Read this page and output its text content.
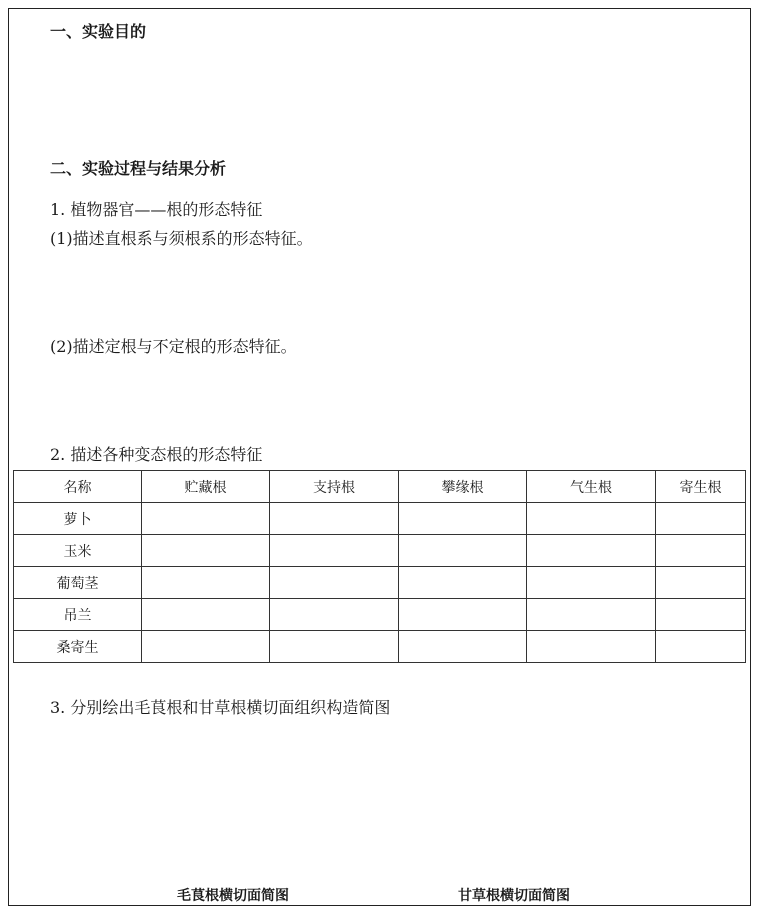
一、实验目的
二、实验过程与结果分析
1. 植物器官——根的形态特征
(1)描述直根系与须根系的形态特征。
(2)描述定根与不定根的形态特征。
2. 描述各种变态根的形态特征
名称	贮藏根	支持根	攀缘根	气生根	寄生根
萝卜					
玉米					
葡萄茎					
吊兰					
桑寄生					
3. 分别绘出毛茛根和甘草根横切面组织构造简图
毛茛根横切面简图	甘草根横切面简图
